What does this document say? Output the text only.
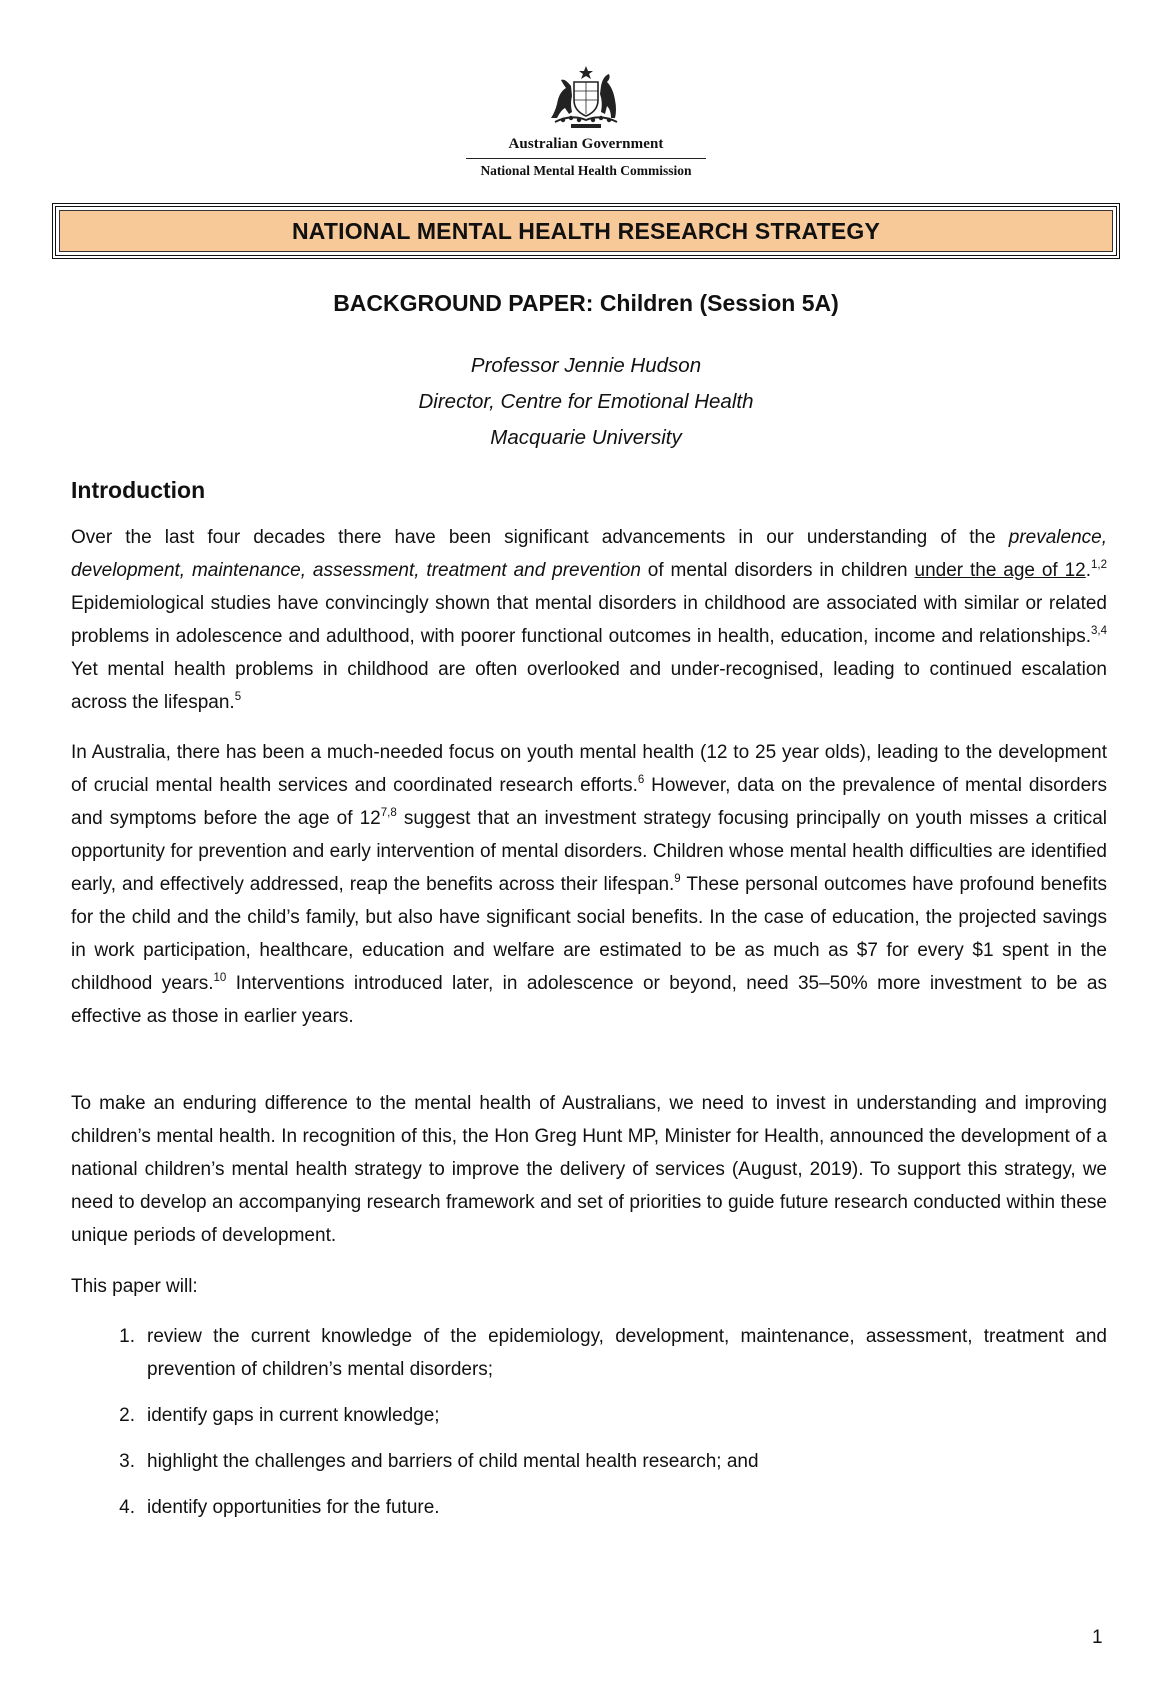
Australian Government
National Mental Health Commission
NATIONAL MENTAL HEALTH RESEARCH STRATEGY
BACKGROUND PAPER: Children (Session 5A)
Professor Jennie Hudson
Director, Centre for Emotional Health
Macquarie University
Introduction

Over the last four decades there have been significant advancements in our understanding of the prevalence, development, maintenance, assessment, treatment and prevention of mental disorders in children under the age of 12.$^{1,2}$ Epidemiological studies have convincingly shown that mental disorders in childhood are associated with similar or related problems in adolescence and adulthood, with poorer functional outcomes in health, education, income and relationships.$^{3,4}$ Yet mental health problems in childhood are often overlooked and under-recognised, leading to continued escalation across the lifespan.$^5$

In Australia, there has been a much-needed focus on youth mental health (12 to 25 year olds), leading to the development of crucial mental health services and coordinated research efforts.$^6$ However, data on the prevalence of mental disorders and symptoms before the age of 12$^{7,8}$ suggest that an investment strategy focusing principally on youth misses a critical opportunity for prevention and early intervention of mental disorders. Children whose mental health difficulties are identified early, and effectively addressed, reap the benefits across their lifespan.$^9$ These personal outcomes have profound benefits for the child and the child’s family, but also have significant social benefits. In the case of education, the projected savings in work participation, healthcare, education and welfare are estimated to be as much as $7 for every $1 spent in the childhood years.$^{10}$ Interventions introduced later, in adolescence or beyond, need 35–50% more investment to be as effective as those in earlier years.

To make an enduring difference to the mental health of Australians, we need to invest in understanding and improving children’s mental health. In recognition of this, the Hon Greg Hunt MP, Minister for Health, announced the development of a national children’s mental health strategy to improve the delivery of services (August, 2019). To support this strategy, we need to develop an accompanying research framework and set of priorities to guide future research conducted within these unique periods of development.

This paper will:

1. review the current knowledge of the epidemiology, development, maintenance, assessment, treatment and prevention of children’s mental disorders;
2. identify gaps in current knowledge;
3. highlight the challenges and barriers of child mental health research; and
4. identify opportunities for the future.
1
